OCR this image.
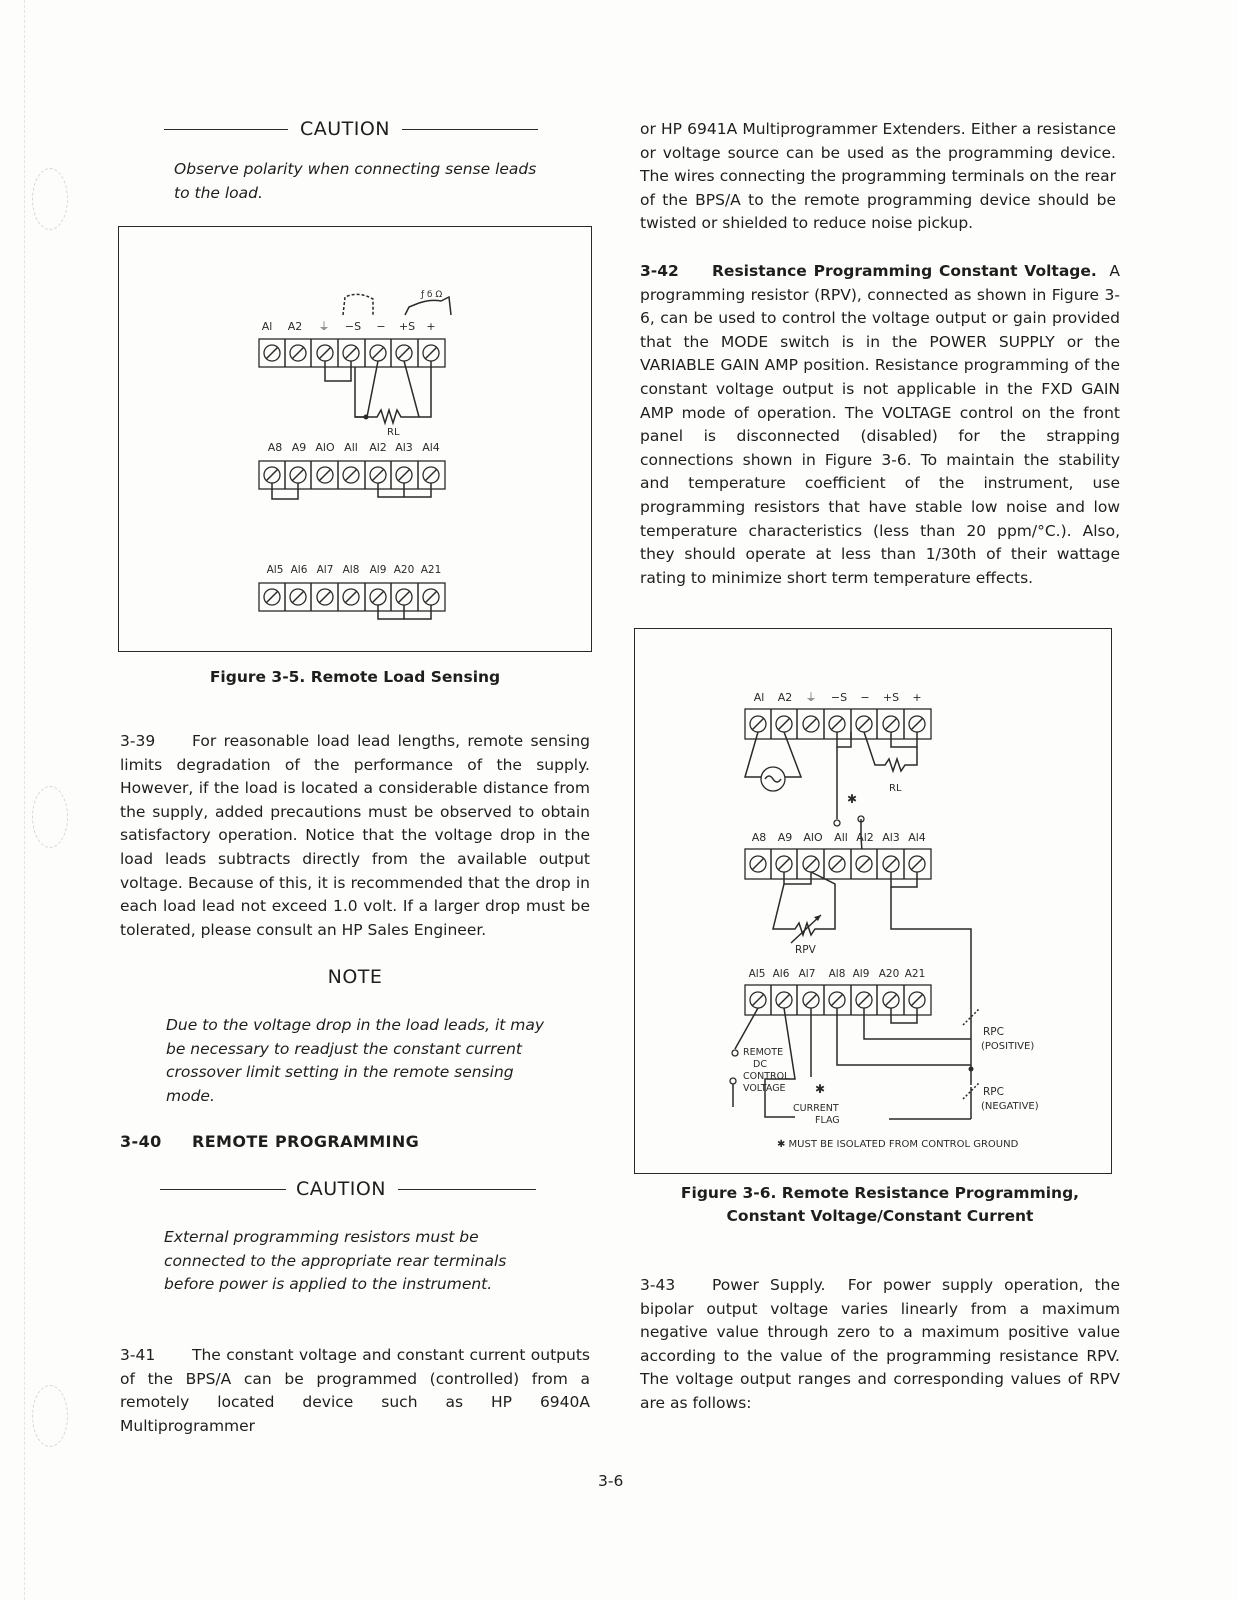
CAUTION

Observe polarity when connecting sense leads to the load.

Al A2 ⏚ −S − +S +
ƒ ϭ Ω
RL
A8 A9 AlO All Al2 Al3 Al4
Al5 Al6 Al7 Al8 Al9 A20 A21
Figure 3-5. Remote Load Sensing

3-39 For reasonable load lead lengths, remote sensing limits degradation of the performance of the supply. However, if the load is located a considerable distance from the supply, added precautions must be observed to obtain satisfactory operation. Notice that the voltage drop in the load leads subtracts directly from the available output voltage. Because of this, it is recommended that the drop in each load lead not exceed 1.0 volt. If a larger drop must be tolerated, please consult an HP Sales Engineer.

NOTE

Due to the voltage drop in the load leads, it may be necessary to readjust the constant current crossover limit setting in the remote sensing mode.

3-40 REMOTE PROGRAMMING
CAUTION

External programming resistors must be connected to the appropriate rear terminals before power is applied to the instrument.

3-41 The constant voltage and constant current outputs of the BPS/A can be programmed (controlled) from a remotely located device such as HP 6940A Multiprogrammer

or HP 6941A Multiprogrammer Extenders. Either a resistance or voltage source can be used as the programming device. The wires connecting the programming terminals on the rear of the BPS/A to the remote programming device should be twisted or shielded to reduce noise pickup.

3-42 Resistance Programming Constant Voltage. A programming resistor (RPV), connected as shown in Figure 3-6, can be used to control the voltage output or gain provided that the MODE switch is in the POWER SUPPLY or the VARIABLE GAIN AMP position. Resistance programming of the constant voltage output is not applicable in the FXD GAIN AMP mode of operation. The VOLTAGE control on the front panel is disconnected (disabled) for the strapping connections shown in Figure 3-6. To maintain the stability and temperature coefficient of the instrument, use programming resistors that have stable low noise and low temperature characteristics (less than 20 ppm/°C.). Also, they should operate at less than 1/30th of their wattage rating to minimize short term temperature effects.

Al A2 ⏚ −S − +S +
RL
✱
A8 A9 AlO All Al2 Al3 Al4
RPV
Al5 Al6 Al7 Al8 Al9 A20 A21
RPC
(POSITIVE)
RPC
(NEGATIVE)
REMOTE
DC
CONTROL
VOLTAGE
CURRENT
FLAG
✱
✱ MUST BE ISOLATED FROM CONTROL GROUND
Figure 3-6. Remote Resistance Programming,
Constant Voltage/Constant Current

3-43 Power Supply. For power supply operation, the bipolar output voltage varies linearly from a maximum negative value through zero to a maximum positive value according to the value of the programming resistance RPV. The voltage output ranges and corresponding values of RPV are as follows:

3-6
